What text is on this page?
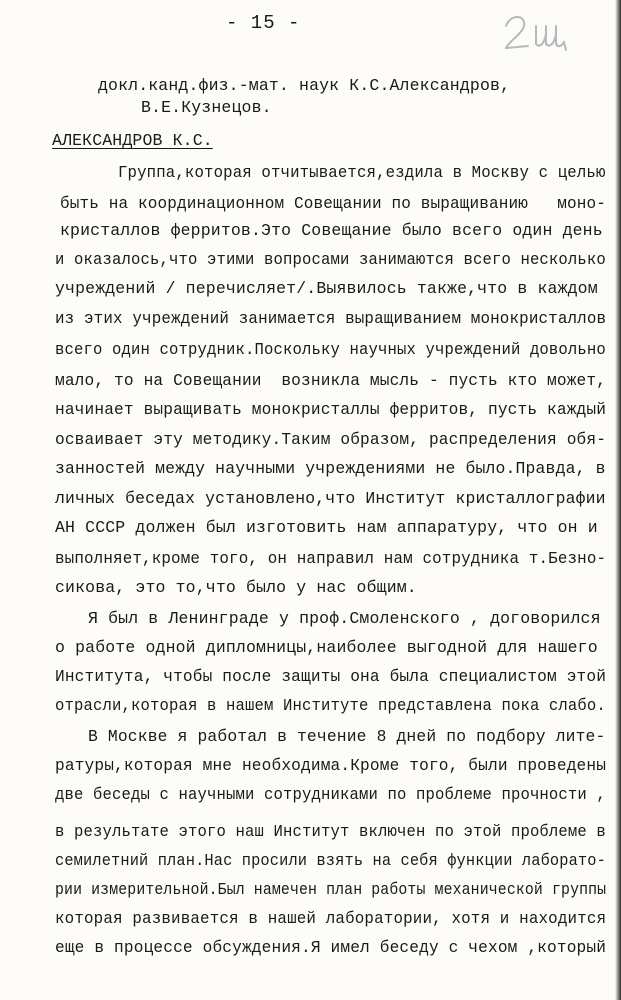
- 15 -
докл.канд.физ.-мат. наук К.С.Александров,
В.Е.Кузнецов.
АЛЕКСАНДРОВ К.С.
Группа,которая отчитывается,ездила в Москву с целью
быть на координационном Совещании по выращиванию   моно-
кристаллов ферритов.Это Совещание было всего один день
и оказалось,что этими вопросами занимаются всего несколько
учреждений / перечисляет/.Выявилось также,что в каждом
из этих учреждений занимается выращиванием монокристаллов
всего один сотрудник.Поскольку научных учреждений довольно
мало, то на Совещании  возникла мысль - пусть кто может,
начинает выращивать монокристаллы ферритов, пусть каждый
осваивает эту методику.Таким образом, распределения обя-
занностей между научными учреждениями не было.Правда, в
личных беседах установлено,что Институт кристаллографии
АН СССР должен был изготовить нам аппаратуру, что он и
выполняет,кроме того, он направил нам сотрудника т.Безно-
сикова, это то,что было у нас общим.
Я был в Ленинграде у проф.Смоленского , договорился
о работе одной дипломницы,наиболее выгодной для нашего
Института, чтобы после защиты она была специалистом этой
отрасли,которая в нашем Институте представлена пока слабо.
В Москве я работал в течение 8 дней по подбору лите-
ратуры,которая мне необходима.Кроме того, были проведены
две беседы с научными сотрудниками по проблеме прочности ,
в результате этого наш Институт включен по этой проблеме в
семилетний план.Нас просили взять на себя функции лаборато-
рии измерительной.Был намечен план работы механической группы
которая развивается в нашей лаборатории, хотя и находится
еще в процессе обсуждения.Я имел беседу с чехом ,который
